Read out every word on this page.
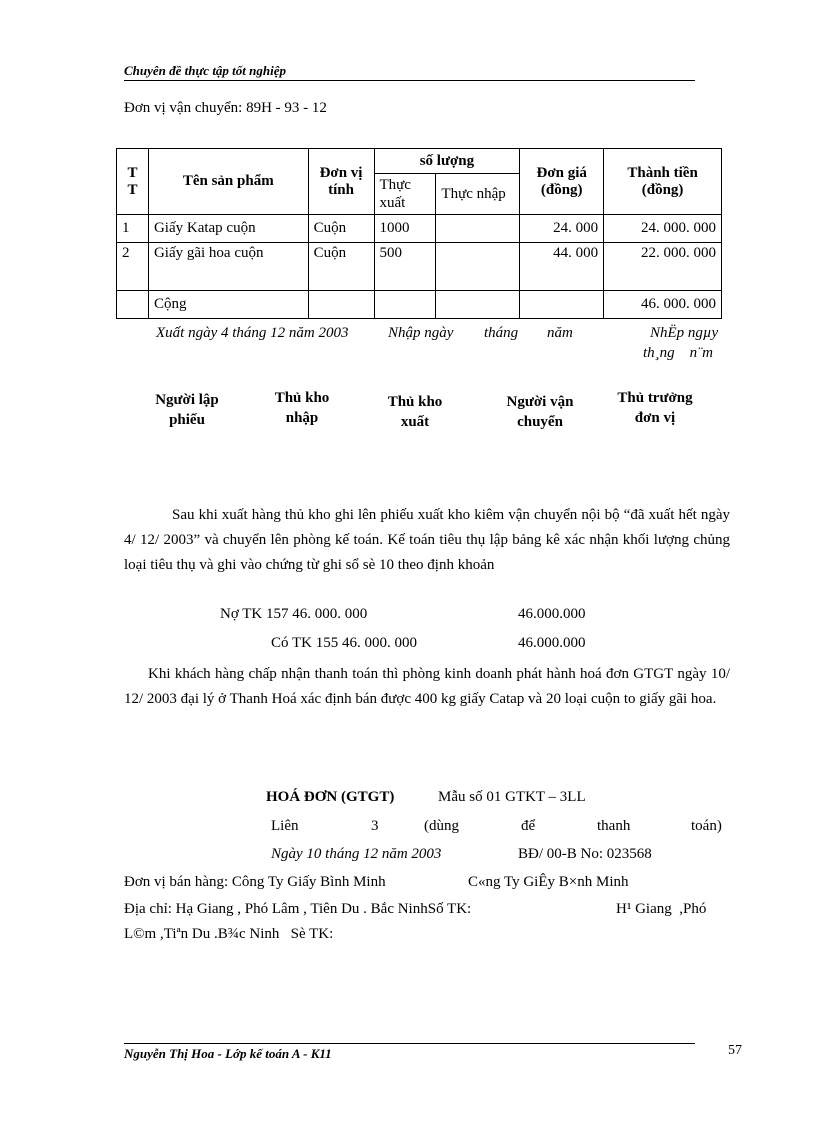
Chuyên đề thực tập tốt nghiệp
Đơn vị vận chuyển: 89H - 93 - 12
T T	Tên sản phẩm	Đơn vị tính	số lượng		Đơn giá (đồng)	Thành tiền (đồng)
			Thực xuất	Thực nhập		
1	Giấy Katap cuộn	Cuộn	1000		24. 000	24. 000. 000
2	Giấy gãi hoa cuộn	Cuộn	500		44. 000	22. 000. 000
	Cộng					46. 000. 000
Xuất ngày 4 tháng 12 năm 2003	Nhập ngày tháng năm	NhËp ngµy
th¸ng    n¨m
Người lập phiếu
Thủ kho nhập
Thủ kho xuất
Người vận chuyển
Thủ trưởng đơn vị
Sau khi xuất hàng thủ kho ghi lên phiếu xuất kho kiêm vận chuyển nội bộ “đã xuất hết ngày 4/ 12/ 2003” và chuyển lên phòng kế toán. Kế toán tiêu thụ lập bảng kê xác nhận khối lượng chủng loại tiêu thụ và ghi vào chứng từ ghi sổ sè 10 theo định khoản
Nợ TK 157 46. 000. 000	46.000.000
Có TK 155 46. 000. 000	46.000.000
Khi khách hàng chấp nhận thanh toán thì phòng kinh doanh phát hành hoá đơn GTGT ngày 10/ 12/ 2003 đại lý ở Thanh Hoá xác định bán được 400 kg giấy Catap và 20 loại cuộn to giấy gãi hoa.
HOÁ ĐƠN (GTGT)	Mẫu số 01 GTKT – 3LL
Liên	3	(dùng	để	thanh	toán)
Ngày 10 tháng 12 năm 2003	BĐ/ 00-B No: 023568
Đơn vị bán hàng: Công Ty Giấy Bình Minh	C«ng Ty GiÊy B×nh Minh
Địa chỉ: Hạ Giang , Phó Lâm , Tiên Du . Bắc NinhSố TK:	H¹ Giang  ,Phó
L©m ,Tiªn Du .B¾c Ninh   Sè TK:
Nguyễn Thị Hoa - Lớp kế toán A - K11	57
